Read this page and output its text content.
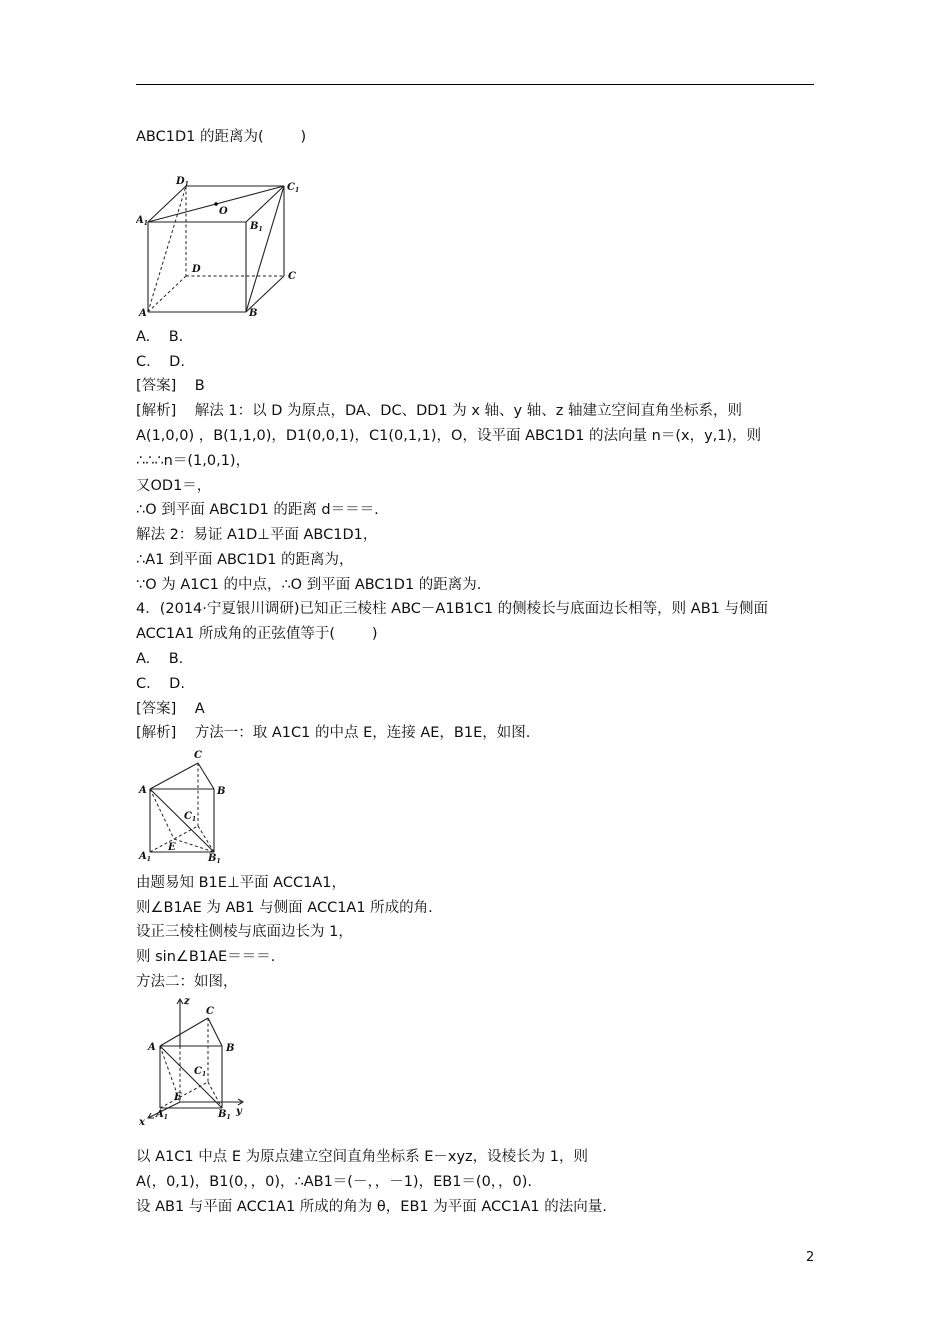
ABC1D1 的距离为(        )
$D_1$	$C_1$
$A_1$	$B_1$
O
D
C
A	B
A.    B.
C.    D.
[答案]    B
[解析]    解法 1：以 D 为原点，DA、DC、DD1 为 x 轴、y 轴、z 轴建立空间直角坐标系，则
A(1,0,0) ，B(1,1,0)，D1(0,0,1)，C1(0,1,1)，O，设平面 ABC1D1 的法向量 n＝(x，y,1)，则
∴∴∴n＝(1,0,1)，
又OD1＝，
∴O 到平面 ABC1D1 的距离 d＝＝＝.
解法 2：易证 A1D⊥平面 ABC1D1，
∴A1 到平面 ABC1D1 的距离为，
∵O 为 A1C1 的中点，∴O 到平面 ABC1D1 的距离为.
4．(2014·宁夏银川调研)已知正三棱柱 ABC－A1B1C1 的侧棱长与底面边长相等，则 AB1 与侧面
ACC1A1 所成角的正弦值等于(        )
A.    B.
C.    D.
[答案]    A
[解析]    方法一：取 A1C1 的中点 E，连接 AE，B1E，如图.
C
A	B
$C_1$
E
$A_1$	$B_1$
由题易知 B1E⊥平面 ACC1A1，
则∠B1AE 为 AB1 与侧面 ACC1A1 所成的角.
设正三棱柱侧棱与底面边长为 1，
则 sin∠B1AE＝＝＝.
方法二：如图，
z
C
A	B
$C_1$
E
$A_1$	$B_1$
x
y
以 A1C1 中点 E 为原点建立空间直角坐标系 E－xyz，设棱长为 1，则
A(，0,1)，B1(0，，0)，∴AB1＝(－，，－1)，EB1＝(0，，0).
设 AB1 与平面 ACC1A1 所成的角为 θ，EB1 为平面 ACC1A1 的法向量.
2
